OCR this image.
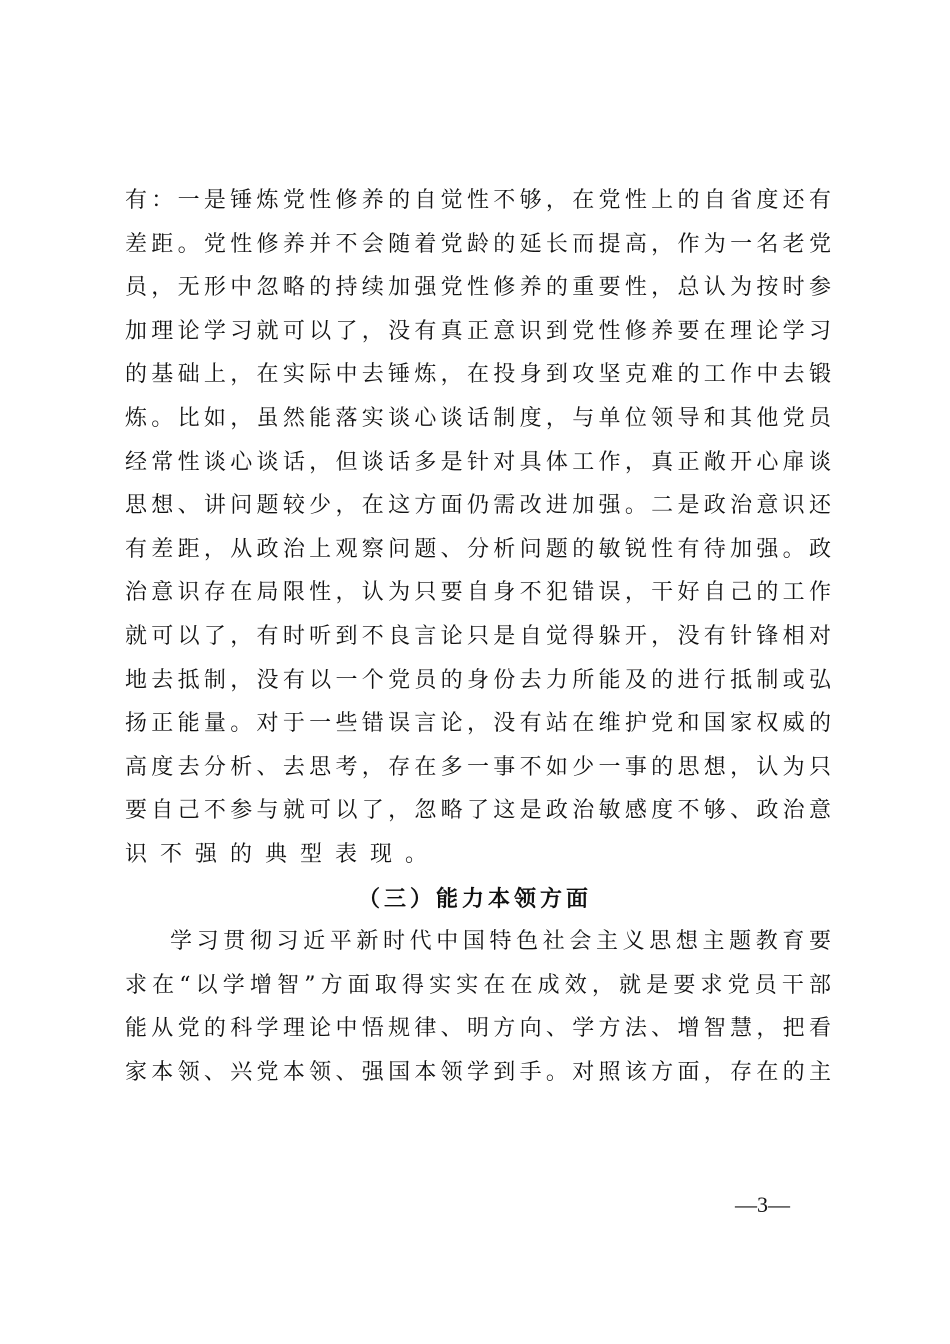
有：一是锤炼党性修养的自觉性不够，在党性上的自省度还有
差距。党性修养并不会随着党龄的延长而提高，作为一名老党
员，无形中忽略的持续加强党性修养的重要性，总认为按时参
加理论学习就可以了，没有真正意识到党性修养要在理论学习
的基础上，在实际中去锤炼，在投身到攻坚克难的工作中去锻
炼。比如，虽然能落实谈心谈话制度，与单位领导和其他党员
经常性谈心谈话，但谈话多是针对具体工作，真正敞开心扉谈
思想、讲问题较少，在这方面仍需改进加强。二是政治意识还
有差距，从政治上观察问题、分析问题的敏锐性有待加强。政
治意识存在局限性，认为只要自身不犯错误，干好自己的工作
就可以了，有时听到不良言论只是自觉得躲开，没有针锋相对
地去抵制，没有以一个党员的身份去力所能及的进行抵制或弘
扬正能量。对于一些错误言论，没有站在维护党和国家权威的
高度去分析、去思考，存在多一事不如少一事的思想，认为只
要自己不参与就可以了，忽略了这是政治敏感度不够、政治意
识不强的典型表现。
（三）能力本领方面
学习贯彻习近平新时代中国特色社会主义思想主题教育要
求在“以学增智”方面取得实实在在成效，就是要求党员干部
能从党的科学理论中悟规律、明方向、学方法、增智慧，把看
家本领、兴党本领、强国本领学到手。对照该方面，存在的主
—3—
